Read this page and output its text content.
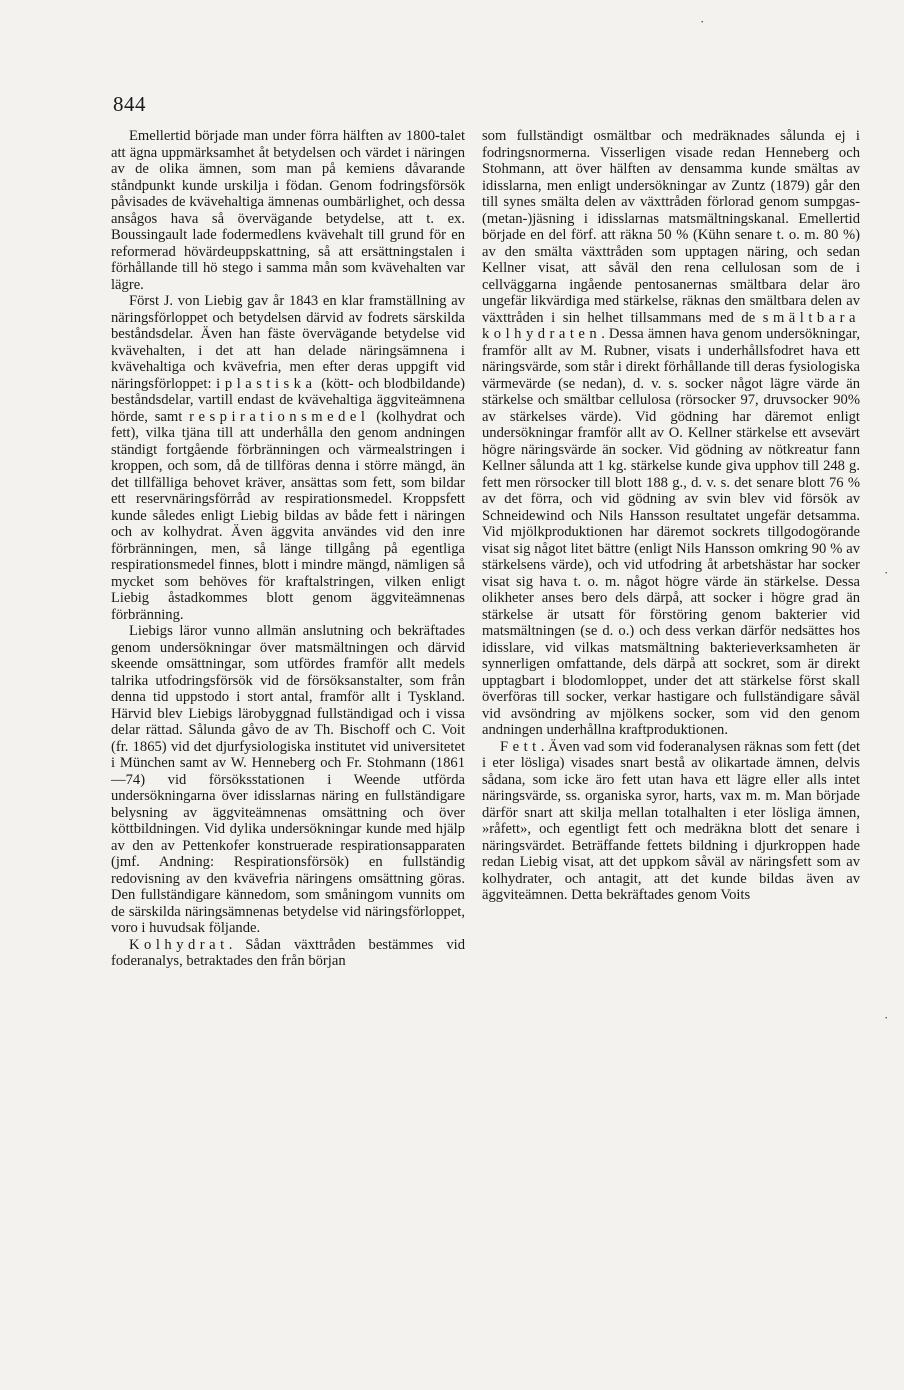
844

Emellertid började man under förra hälften av 1800-talet att ägna uppmärksamhet åt betydelsen och värdet i näringen av de olika ämnen, som man på kemiens dåvarande ståndpunkt kunde urskilja i födan. Genom fodringsförsök påvisades de kvävehaltiga ämnenas oumbärlighet, och dessa ansågos hava så övervägande betydelse, att t. ex. Boussingault lade fodermedlens kvävehalt till grund för en reformerad hövärdeuppskattning, så att ersättningstalen i förhållande till hö stego i samma mån som kvävehalten var lägre.

Först J. von Liebig gav år 1843 en klar framställning av näringsförloppet och betydelsen därvid av fodrets särskilda beståndsdelar. Även han fäste övervägande betydelse vid kvävehalten, i det att han delade näringsämnena i kvävehaltiga och kvävefria, men efter deras uppgift vid näringsförloppet: i plastiska (kött- och blodbildande) beståndsdelar, vartill endast de kvävehaltiga äggviteämnena hörde, samt respirationsmedel (kolhydrat och fett), vilka tjäna till att underhålla den genom andningen ständigt fortgående förbränningen och värmealstringen i kroppen, och som, då de tillföras denna i större mängd, än det tillfälliga behovet kräver, ansättas som fett, som bildar ett reservnäringsförråd av respirationsmedel. Kroppsfett kunde således enligt Liebig bildas av både fett i näringen och av kolhydrat. Även äggvita användes vid den inre förbränningen, men, så länge tillgång på egentliga respirationsmedel finnes, blott i mindre mängd, nämligen så mycket som behöves för kraftalstringen, vilken enligt Liebig åstadkommes blott genom äggviteämnenas förbränning.

Liebigs läror vunno allmän anslutning och bekräftades genom undersökningar över matsmältningen och därvid skeende omsättningar, som utfördes framför allt medels talrika utfodringsförsök vid de försöksanstalter, som från denna tid uppstodo i stort antal, framför allt i Tyskland. Härvid blev Liebigs lärobyggnad fullständigad och i vissa delar rättad. Sålunda gåvo de av Th. Bischoff och C. Voit (fr. 1865) vid det djurfysiologiska institutet vid universitetet i München samt av W. Henneberg och Fr. Stohmann (1861—74) vid försöksstationen i Weende utförda undersökningarna över idisslarnas näring en fullständigare belysning av äggviteämnenas omsättning och över köttbildningen. Vid dylika undersökningar kunde med hjälp av den av Pettenkofer konstruerade respirationsapparaten (jmf. Andning: Respirationsförsök) en fullständig redovisning av den kvävefria näringens omsättning göras. Den fullständigare kännedom, som småningom vunnits om de särskilda näringsämnenas betydelse vid näringsförloppet, voro i huvudsak följande.

Kolhydrat. Sådan växttråden bestämmes vid foderanalys, betraktades den från början

som fullständigt osmältbar och medräknades sålunda ej i fodringsnormerna. Visserligen visade redan Henneberg och Stohmann, att över hälften av densamma kunde smältas av idisslarna, men enligt undersökningar av Zuntz (1879) går den till synes smälta delen av växttråden förlorad genom sumpgas-(metan-)jäsning i idisslarnas matsmältningskanal. Emellertid började en del förf. att räkna 50 % (Kühn senare t. o. m. 80 %) av den smälta växttråden som upptagen näring, och sedan Kellner visat, att såväl den rena cellulosan som de i cellväggarna ingående pentosanernas smältbara delar äro ungefär likvärdiga med stärkelse, räknas den smältbara delen av växttråden i sin helhet tillsammans med de smältbara kolhydraten. Dessa ämnen hava genom undersökningar, framför allt av M. Rubner, visats i underhållsfodret hava ett näringsvärde, som står i direkt förhållande till deras fysiologiska värmevärde (se nedan), d. v. s. socker något lägre värde än stärkelse och smältbar cellulosa (rörsocker 97, druvsocker 90% av stärkelses värde). Vid gödning har däremot enligt undersökningar framför allt av O. Kellner stärkelse ett avsevärt högre näringsvärde än socker. Vid gödning av nötkreatur fann Kellner sålunda att 1 kg. stärkelse kunde giva upphov till 248 g. fett men rörsocker till blott 188 g., d. v. s. det senare blott 76 % av det förra, och vid gödning av svin blev vid försök av Schneidewind och Nils Hansson resultatet ungefär detsamma. Vid mjölkproduktionen har däremot sockrets tillgodogörande visat sig något litet bättre (enligt Nils Hansson omkring 90 % av stärkelsens värde), och vid utfodring åt arbetshästar har socker visat sig hava t. o. m. något högre värde än stärkelse. Dessa olikheter anses bero dels därpå, att socker i högre grad än stärkelse är utsatt för förstöring genom bakterier vid matsmältningen (se d. o.) och dess verkan därför nedsättes hos idisslare, vid vilkas matsmältning bakterieverksamheten är synnerligen omfattande, dels därpå att sockret, som är direkt upptagbart i blodomloppet, under det att stärkelse först skall överföras till socker, verkar hastigare och fullständigare såväl vid avsöndring av mjölkens socker, som vid den genom andningen underhållna kraftproduktionen.

Fett. Även vad som vid foderanalysen räknas som fett (det i eter lösliga) visades snart bestå av olikartade ämnen, delvis sådana, som icke äro fett utan hava ett lägre eller alls intet näringsvärde, ss. organiska syror, harts, vax m. m. Man började därför snart att skilja mellan totalhalten i eter lösliga ämnen, »råfett», och egentligt fett och medräkna blott det senare i näringsvärdet. Beträffande fettets bildning i djurkroppen hade redan Liebig visat, att det uppkom såväl av näringsfett som av kolhydrater, och antagit, att det kunde bildas även av äggviteämnen. Detta bekräftades genom Voits

·
·
·
